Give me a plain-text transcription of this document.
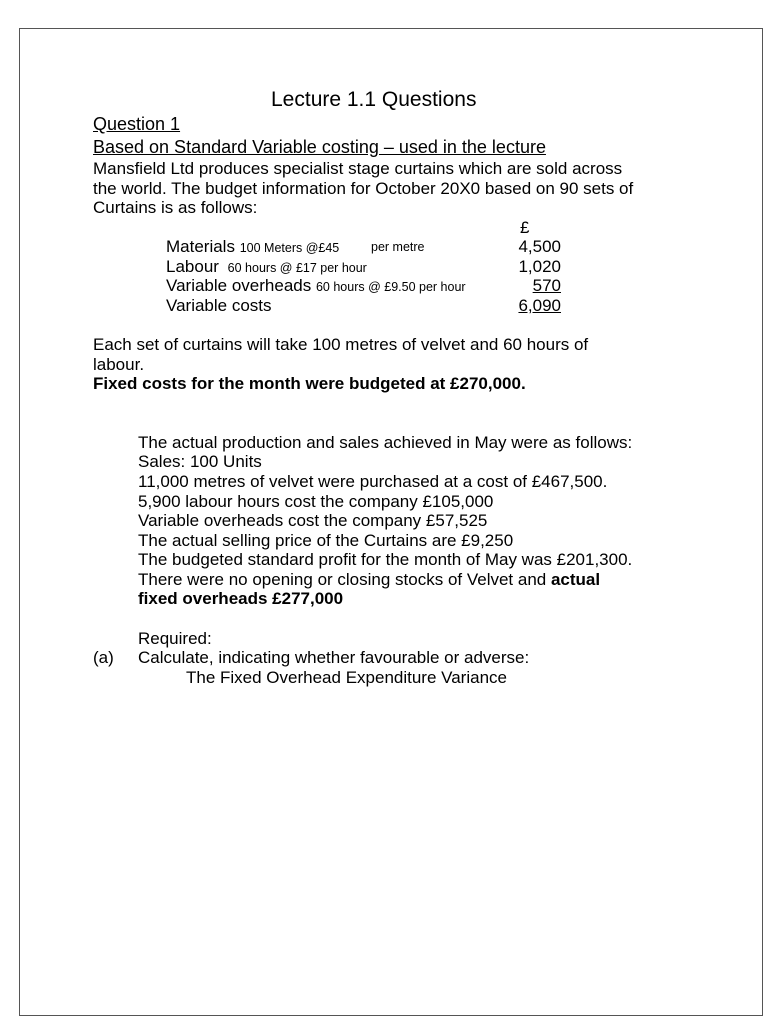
Lecture 1.1 Questions
Question 1
Based on Standard Variable costing – used in the lecture
Mansfield Ltd produces specialist stage curtains which are sold across
the world. The budget information for October 20X0 based on 90 sets of
Curtains is as follows:
£
Materials 100 Meters @£45	per metre	4,500
Labour 60 hours @ £17 per hour	1,020
Variable overheads 60 hours @ £9.50 per hour	570
Variable costs	6,090
Each set of curtains will take 100 metres of velvet and 60 hours of
labour.
Fixed costs for the month were budgeted at £270,000.
The actual production and sales achieved in May were as follows:
Sales: 100 Units
11,000 metres of velvet were purchased at a cost of £467,500.
5,900 labour hours cost the company £105,000
Variable overheads cost the company £57,525
The actual selling price of the Curtains are £9,250
The budgeted standard profit for the month of May was £201,300.
There were no opening or closing stocks of Velvet and actual
fixed overheads £277,000
Required:
(a) Calculate, indicating whether favourable or adverse:
The Fixed Overhead Expenditure Variance
